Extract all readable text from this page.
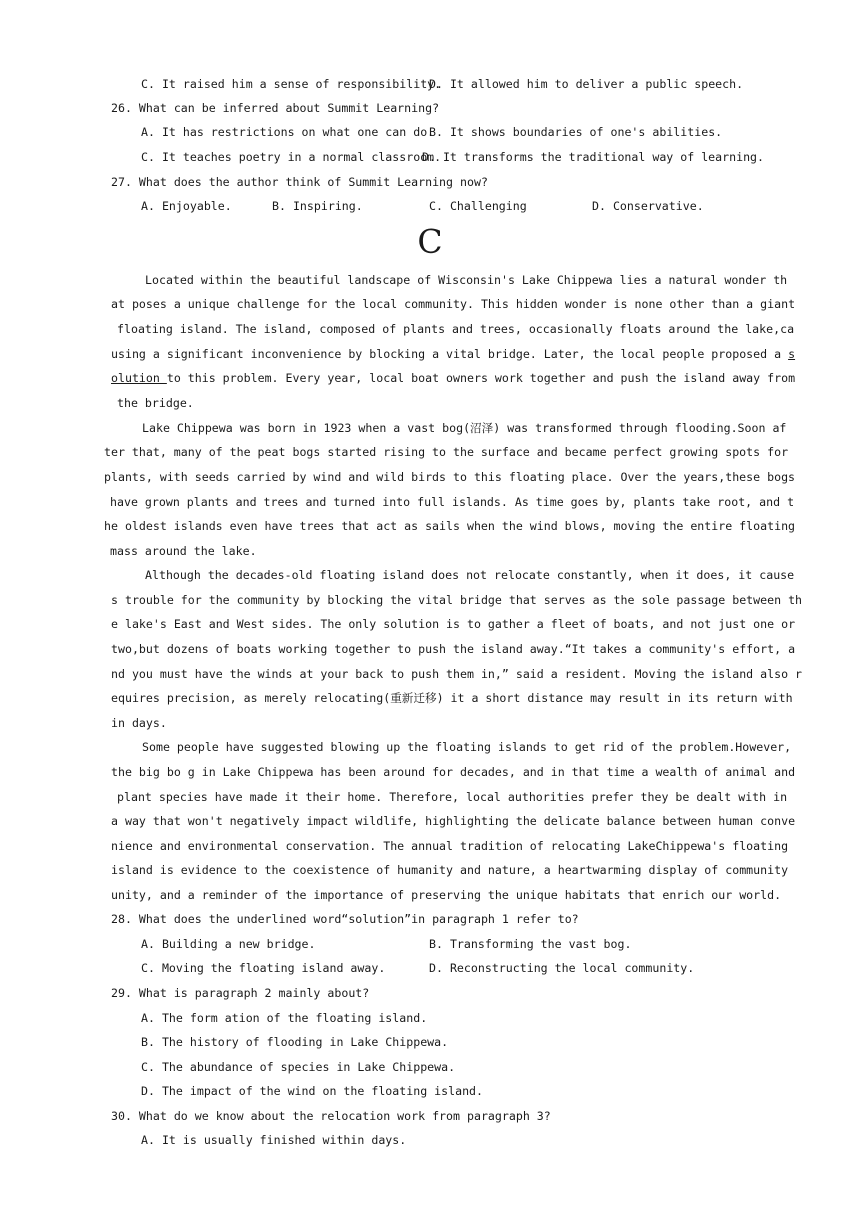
C. It raised him a sense of responsibility.
D. It allowed him to deliver a public speech.
26. What can be inferred about Summit Learning?
A. It has restrictions on what one can do.
B. It shows boundaries of one's abilities.
C. It teaches poetry in a normal classroom.
D. It transforms the traditional way of learning.
27. What does the author think of Summit Learning now?
A. Enjoyable.	B. Inspiring.	C. Challenging	D. Conservative.
C
Located within the beautiful landscape of Wisconsin's Lake Chippewa lies a natural wonder th
at poses a unique challenge for the local community. This hidden wonder is none other than a giant
floating island. The island, composed of plants and trees, occasionally floats around the lake,ca
using a significant inconvenience by blocking a vital bridge. Later, the local people proposed a s
olution to this problem. Every year, local boat owners work together and push the island away from
the bridge.
Lake Chippewa was born in 1923 when a vast bog(沼泽) was transformed through flooding.Soon af
ter that, many of the peat bogs started rising to the surface and became perfect growing spots for
plants, with seeds carried by wind and wild birds to this floating place. Over the years,these bogs
have grown plants and trees and turned into full islands. As time goes by, plants take root, and t
he oldest islands even have trees that act as sails when the wind blows, moving the entire floating
mass around the lake.
Although the decades-old floating island does not relocate constantly, when it does, it cause
s trouble for the community by blocking the vital bridge that serves as the sole passage between th
e lake's East and West sides. The only solution is to gather a fleet of boats, and not just one or
two,but dozens of boats working together to push the island away.“It takes a community's effort, a
nd you must have the winds at your back to push them in,” said a resident. Moving the island also r
equires precision, as merely relocating(重新迁移) it a short distance may result in its return with
in days.
Some people have suggested blowing up the floating islands to get rid of the problem.However,
the big bo g in Lake Chippewa has been around for decades, and in that time a wealth of animal and
plant species have made it their home. Therefore, local authorities prefer they be dealt with in
a way that won't negatively impact wildlife, highlighting the delicate balance between human conve
nience and environmental conservation. The annual tradition of relocating LakeChippewa's floating
island is evidence to the coexistence of humanity and nature, a heartwarming display of community
unity, and a reminder of the importance of preserving the unique habitats that enrich our world.
28. What does the underlined word“solution”in paragraph 1 refer to?
A. Building a new bridge.	B. Transforming the vast bog.
C. Moving the floating island away.	D. Reconstructing the local community.
29. What is paragraph 2 mainly about?
A. The form ation of the floating island.
B. The history of flooding in Lake Chippewa.
C. The abundance of species in Lake Chippewa.
D. The impact of the wind on the floating island.
30. What do we know about the relocation work from paragraph 3?
A. It is usually finished within days.
